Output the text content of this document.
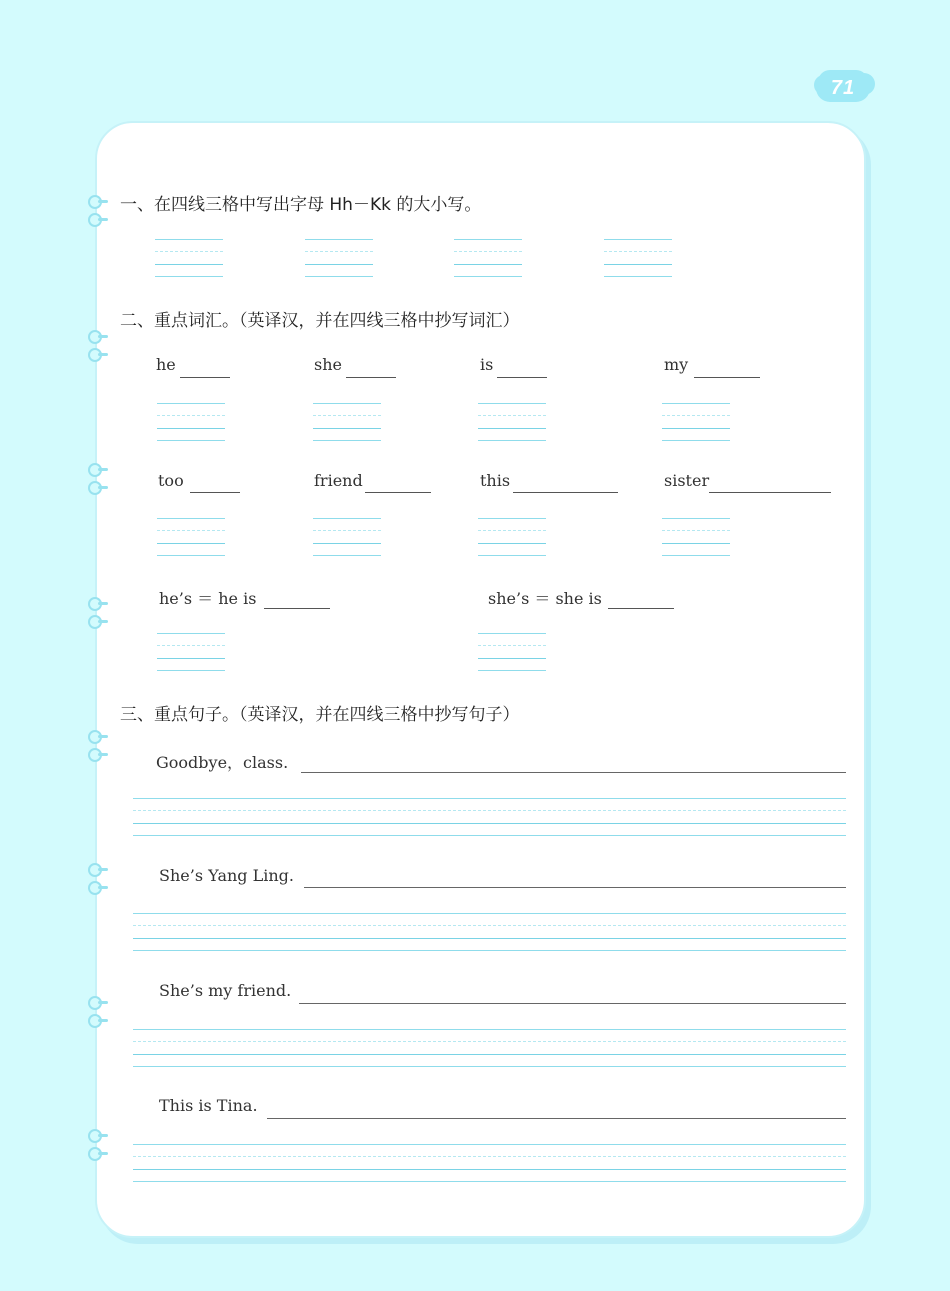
71
一、在四线三格中写出字母 Hh－Kk 的大小写。
二、重点词汇。（英译汉，并在四线三格中抄写词汇）
he	she	is	my
too	friend	this	sister
he’s ＝ he is	she’s ＝ she is
三、重点句子。（英译汉，并在四线三格中抄写句子）
Goodbye，class.
She’s Yang Ling.
She’s my friend.
This is Tina.
